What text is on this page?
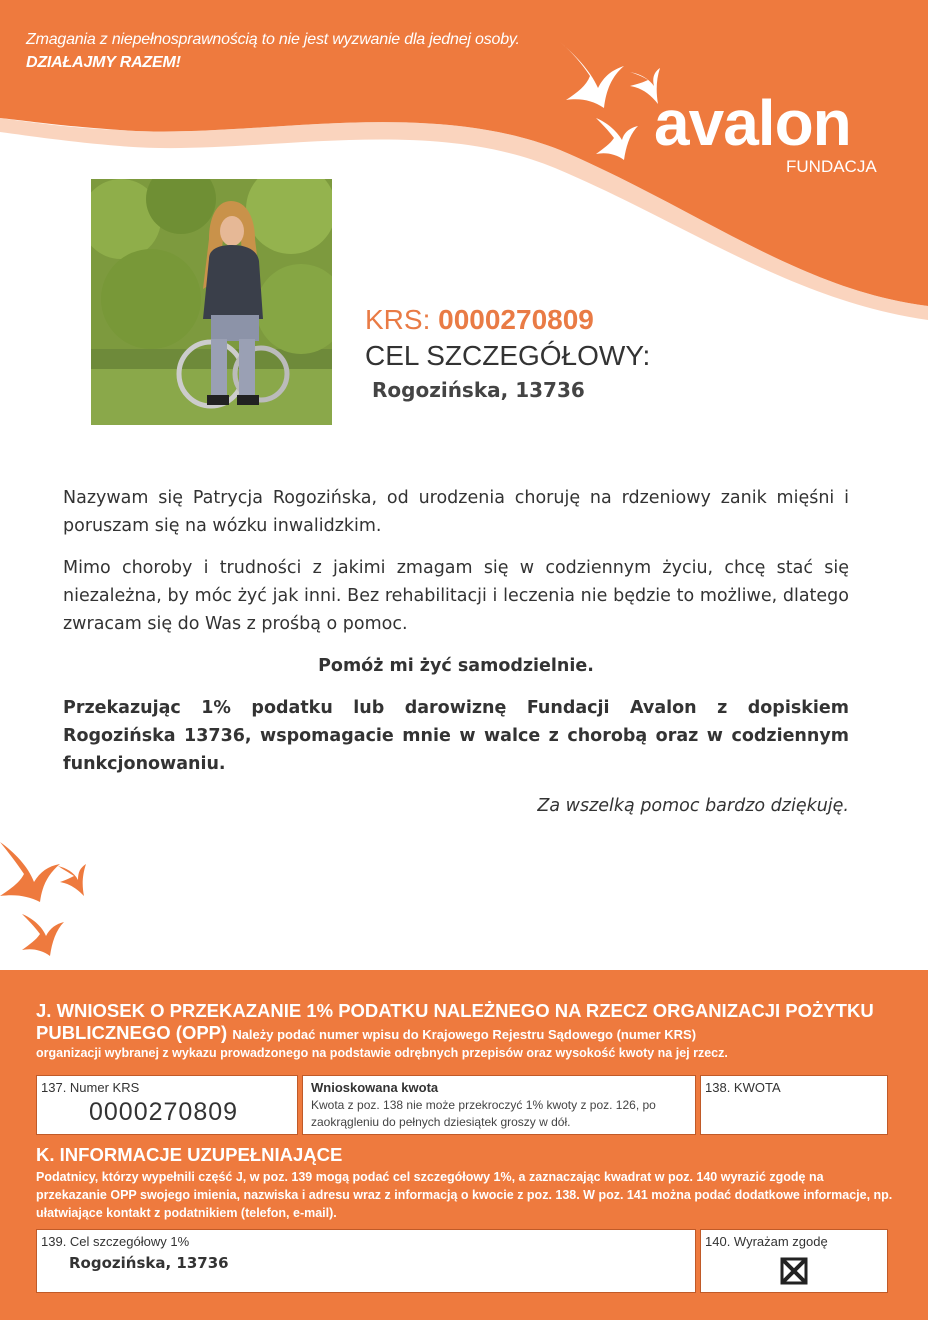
Zmagania z niepełnosprawnością to nie jest wyzwanie dla jednej osoby. DZIAŁAJMY RAZEM!
avalon
FUNDACJA
KRS: 0000270809
CEL SZCZEGÓŁOWY:
Rogozińska, 13736

Nazywam się Patrycja Rogozińska, od urodzenia choruję na rdzeniowy zanik mięśni i poruszam się na wózku inwalidzkim.

Mimo choroby i trudności z jakimi zmagam się w codziennym życiu, chcę stać się niezależna, by móc żyć jak inni. Bez rehabilitacji i leczenia nie będzie to możliwe, dlatego zwracam się do Was z prośbą o pomoc.

Pomóż mi żyć samodzielnie.

Przekazując 1% podatku lub darowiznę Fundacji Avalon z dopiskiem Rogozińska 13736, wspomagacie mnie w walce z chorobą oraz w codziennym funkcjonowaniu.

Za wszelką pomoc bardzo dziękuję.

J. WNIOSEK O PRZEKAZANIE 1% PODATKU NALEŻNEGO NA RZECZ ORGANIZACJI POŻYTKU PUBLICZNEGO (OPP) Należy podać numer wpisu do Krajowego Rejestru Sądowego (numer KRS)
organizacji wybranej z wykazu prowadzonego na podstawie odrębnych przepisów oraz wysokość kwoty na jej rzecz.
137. Numer KRS
0000270809
Wnioskowana kwota
Kwota z poz. 138 nie może przekroczyć 1% kwoty z poz. 126, po zaokrągleniu do pełnych dziesiątek groszy w dół.
138. KWOTA
K. INFORMACJE UZUPEŁNIAJĄCE
Podatnicy, którzy wypełnili część J, w poz. 139 mogą podać cel szczegółowy 1%, a zaznaczając kwadrat w poz. 140 wyrazić zgodę na przekazanie OPP swojego imienia, nazwiska i adresu wraz z informacją o kwocie z poz. 138. W poz. 141 można podać dodatkowe informacje, np. ułatwiające kontakt z podatnikiem (telefon, e-mail).
139. Cel szczegółowy 1%
Rogozińska, 13736
140. Wyrażam zgodę
